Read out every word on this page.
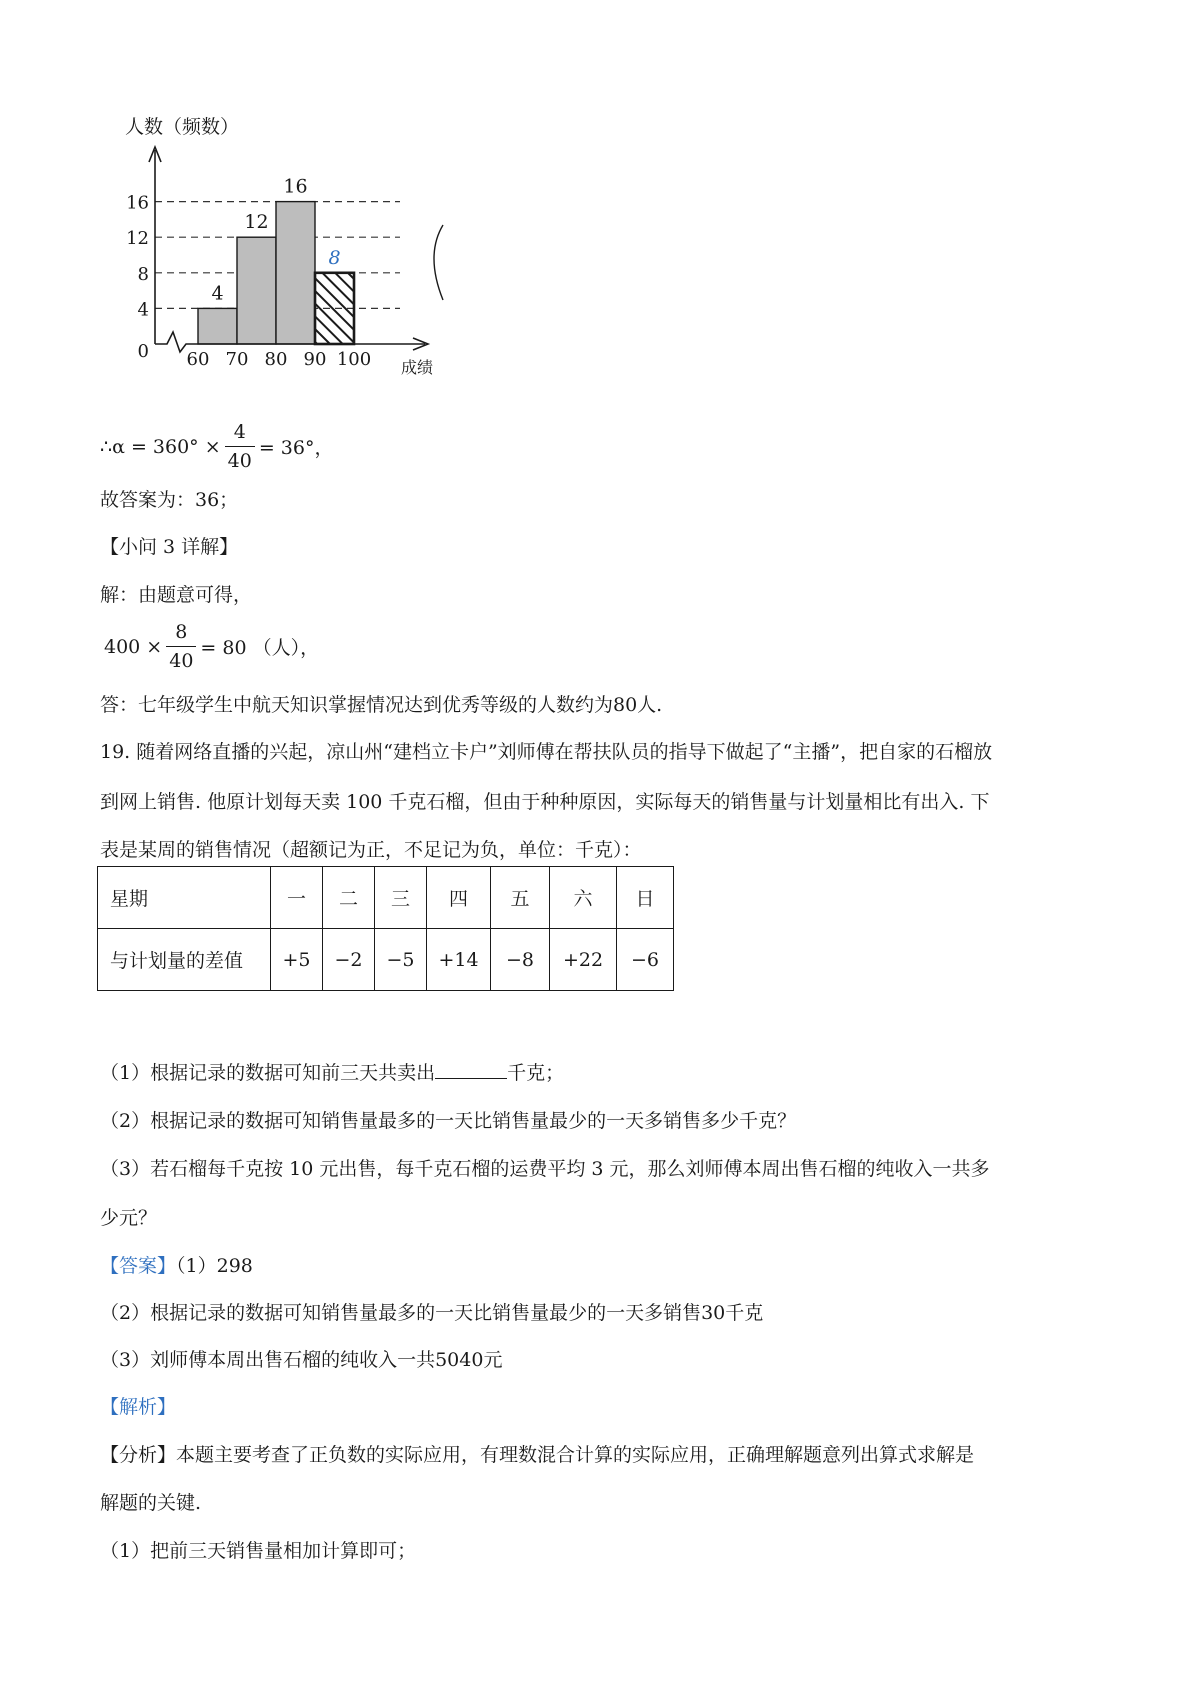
4
12
16
8
0
4
8
12
16
60 70 80 90 100
人数（频数）
成绩
∴α = $360^\circ \times \frac{4}{40} = 36^\circ$，
故答案为：36；
【小问 3 详解】
解：由题意可得，
$400 \times \frac{8}{40} = 80$ （人），
答：七年级学生中航天知识掌握情况达到优秀等级的人数约为80人.
19. 随着网络直播的兴起，凉山州“建档立卡户”刘师傅在帮扶队员的指导下做起了“主播”，把自家的石榴放
到网上销售. 他原计划每天卖 100 千克石榴，但由于种种原因，实际每天的销售量与计划量相比有出入. 下
表是某周的销售情况（超额记为正，不足记为负，单位：千克）：
星期	一	二	三	四	五	六	日
与计划量的差值	+5	−2	−5	+14	−8	+22	−6
（1）根据记录的数据可知前三天共卖出	千克；
（2）根据记录的数据可知销售量最多的一天比销售量最少的一天多销售多少千克？
（3）若石榴每千克按 10 元出售，每千克石榴的运费平均 3 元，那么刘师傅本周出售石榴的纯收入一共多
少元？
【答案】（1）298
（2）根据记录的数据可知销售量最多的一天比销售量最少的一天多销售30千克
（3）刘师傅本周出售石榴的纯收入一共5040元
【解析】
【分析】本题主要考查了正负数的实际应用，有理数混合计算的实际应用，正确理解题意列出算式求解是
解题的关键.
（1）把前三天销售量相加计算即可；
